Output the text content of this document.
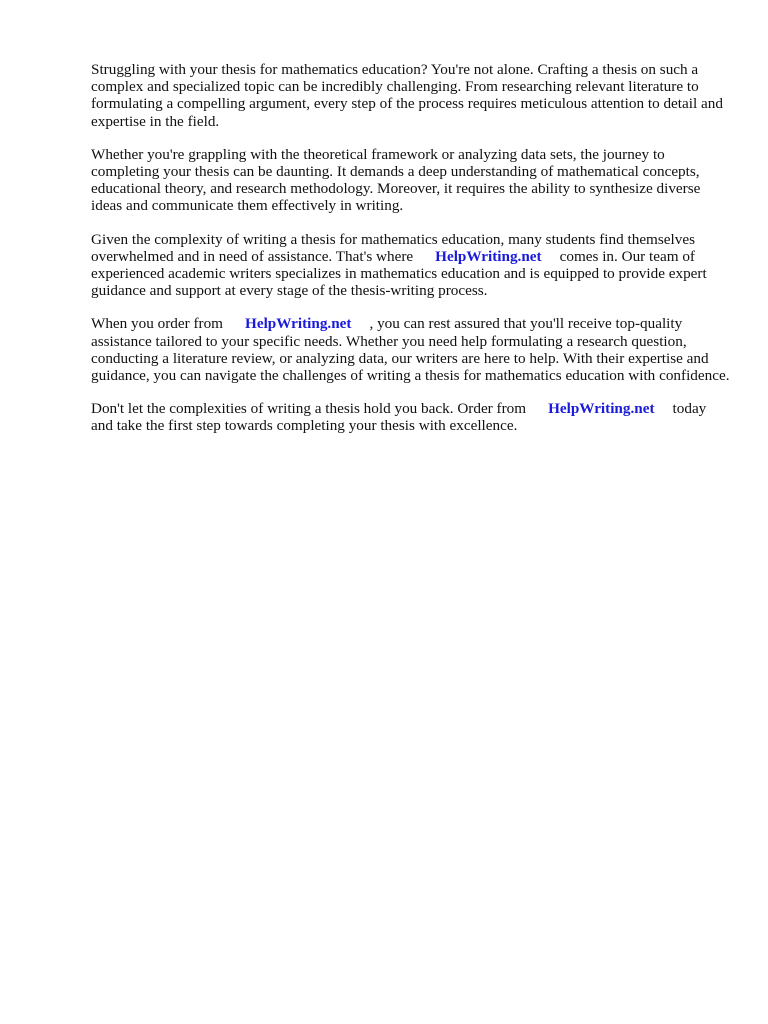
Struggling with your thesis for mathematics education? You're not alone. Crafting a thesis on such a complex and specialized topic can be incredibly challenging. From researching relevant literature to formulating a compelling argument, every step of the process requires meticulous attention to detail and expertise in the field.

Whether you're grappling with the theoretical framework or analyzing data sets, the journey to completing your thesis can be daunting. It demands a deep understanding of mathematical concepts, educational theory, and research methodology. Moreover, it requires the ability to synthesize diverse ideas and communicate them effectively in writing.

Given the complexity of writing a thesis for mathematics education, many students find themselves overwhelmed and in need of assistance. That's where HelpWriting.net comes in. Our team of experienced academic writers specializes in mathematics education and is equipped to provide expert guidance and support at every stage of the thesis-writing process.

When you order from HelpWriting.net , you can rest assured that you'll receive top-quality assistance tailored to your specific needs. Whether you need help formulating a research question, conducting a literature review, or analyzing data, our writers are here to help. With their expertise and guidance, you can navigate the challenges of writing a thesis for mathematics education with confidence.

Don't let the complexities of writing a thesis hold you back. Order from HelpWriting.net today and take the first step towards completing your thesis with excellence.
